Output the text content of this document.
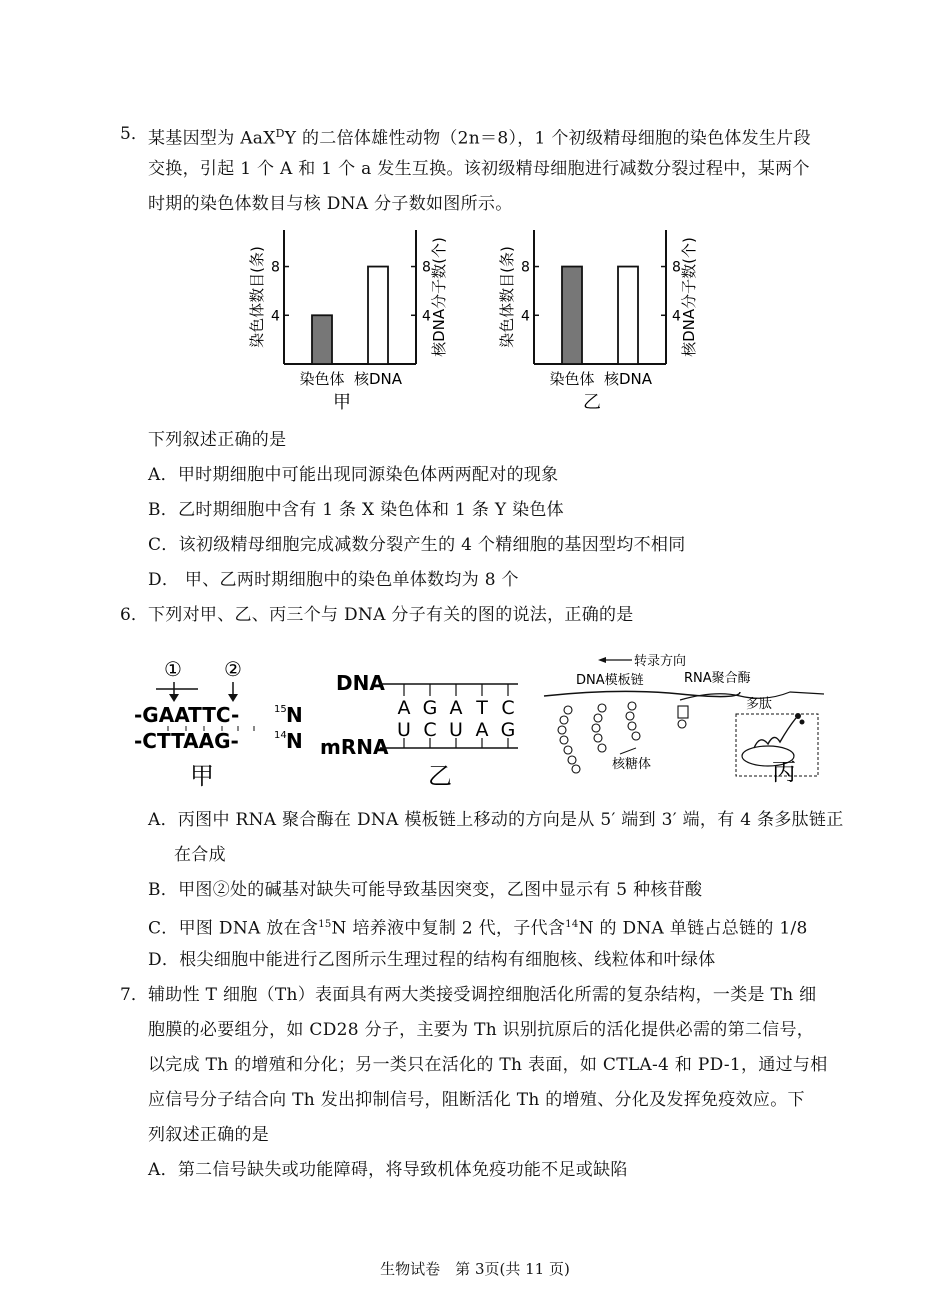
5． 某基因型为 AaX$^D$Y 的二倍体雄性动物（2n＝8），1 个初级精母细胞的染色体发生片段
交换，引起 1 个 A 和 1 个 a 发生互换。该初级精母细胞进行减数分裂过程中，某两个
时期的染色体数目与核 DNA 分子数如图所示。
4	4
8	8
染色体 核DNA
染色体数目(条)	核DNA分子数(个)
甲
4	4
8	8
染色体 核DNA
染色体数目(条)	核DNA分子数(个)
乙
下列叙述正确的是
A．甲时期细胞中可能出现同源染色体两两配对的现象
B．乙时期细胞中含有 1 条 X 染色体和 1 条 Y 染色体
C．该初级精母细胞完成减数分裂产生的 4 个精细胞的基因型均不相同
D． 甲、乙两时期细胞中的染色单体数均为 8 个
6． 下列对甲、乙、丙三个与 DNA 分子有关的图的说法，正确的是
① ②
-GAATTC-	15 N
-CTTAAG-	14 N
甲
DNA
A
U
G
C
A
U
T
A
C
G
mRNA
乙
转录方向
DNA模板链	RNA聚合酶
核糖体
多肽
丙
A．丙图中 RNA 聚合酶在 DNA 模板链上移动的方向是从 5′ 端到 3′ 端，有 4 条多肽链正
在合成
B．甲图②处的碱基对缺失可能导致基因突变，乙图中显示有 5 种核苷酸
C．甲图 DNA 放在含$^{15}$N 培养液中复制 2 代，子代含$^{14}$N 的 DNA 单链占总链的 1/8
D．根尖细胞中能进行乙图所示生理过程的结构有细胞核、线粒体和叶绿体
7． 辅助性 T 细胞（Th）表面具有两大类接受调控细胞活化所需的复杂结构，一类是 Th 细
胞膜的必要组分，如 CD28 分子，主要为 Th 识别抗原后的活化提供必需的第二信号，
以完成 Th 的增殖和分化；另一类只在活化的 Th 表面，如 CTLA-4 和 PD-1，通过与相
应信号分子结合向 Th 发出抑制信号，阻断活化 Th 的增殖、分化及发挥免疫效应。下
列叙述正确的是
A．第二信号缺失或功能障碍，将导致机体免疫功能不足或缺陷
生物试卷　第 3页(共 11 页)
